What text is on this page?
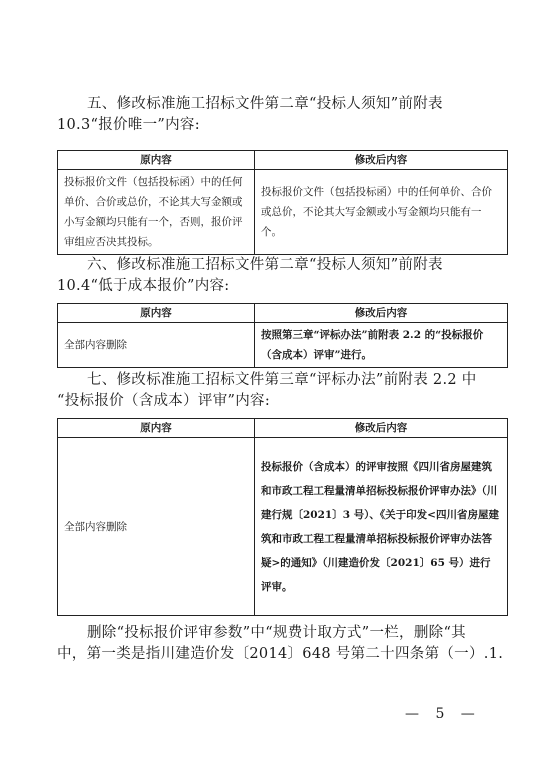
五、修改标准施工招标文件第二章“投标人须知”前附表
10.3“报价唯一”内容:

原内容	修改后内容
投标报价文件（包括投标函）中的任何单价、合价或总价，不论其大写金额或小写金额均只能有一个，否则，报价评审组应否决其投标。	投标报价文件（包括投标函）中的任何单价、合价或总价，不论其大写金额或小写金额均只能有一个。

六、修改标准施工招标文件第二章“投标人须知”前附表
10.4“低于成本报价”内容:

原内容	修改后内容
全部内容删除	按照第三章“评标办法”前附表 2.2 的“投标报价（含成本）评审”进行。

七、修改标准施工招标文件第三章“评标办法”前附表 2.2 中
“投标报价（含成本）评审”内容:

原内容	修改后内容
全部内容删除	投标报价（含成本）的评审按照《四川省房屋建筑和市政工程工程量清单招标投标报价评审办法》（川建行规〔2021〕3 号）、《关于印发<四川省房屋建筑和市政工程工程量清单招标投标报价评审办法答疑>的通知》（川建造价发〔2021〕65 号）进行评审。

删除“投标报价评审参数”中“规费计取方式”一栏，删除“其
中，第一类是指川建造价发〔2014〕648 号第二十四条第（一）.1.

— 5 —
